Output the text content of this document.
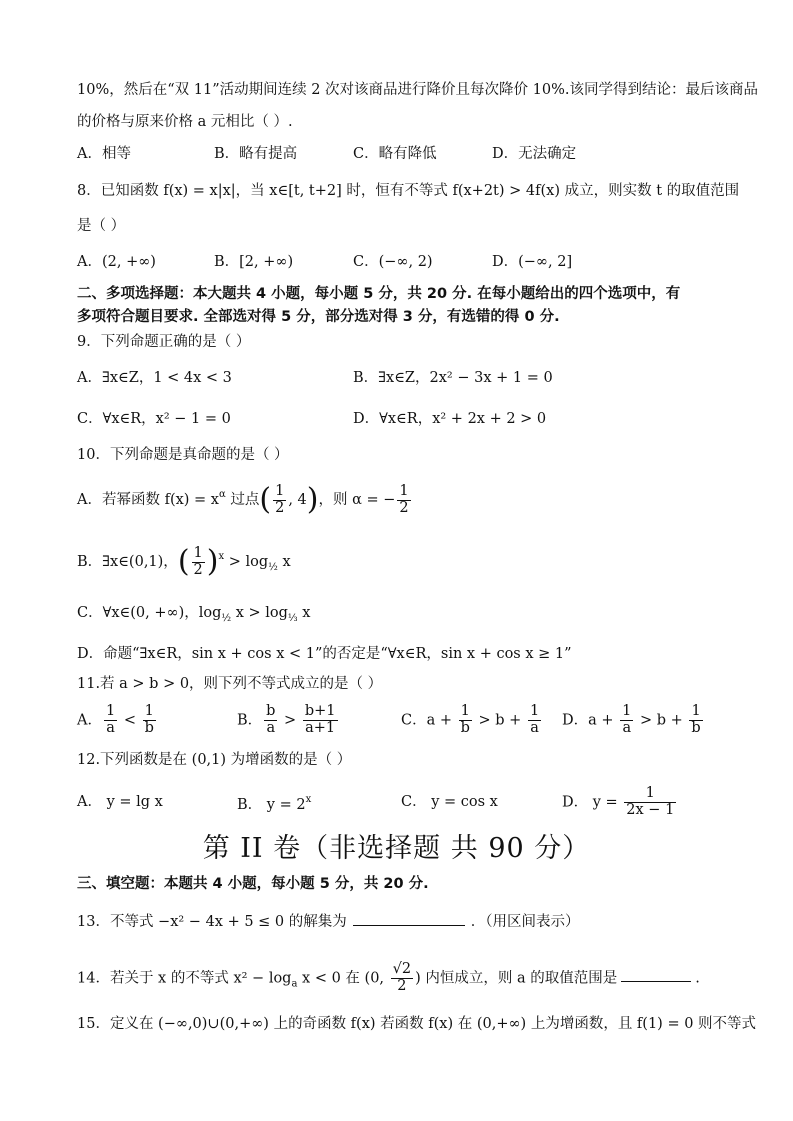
10%，然后在“双 11”活动期间连续 2 次对该商品进行降价且每次降价 10%.该同学得到结论：最后该商品
的价格与原来价格 a 元相比（ ）.
A．相等	B．略有提高	C．略有降低	D．无法确定
8．已知函数 f(x) = x|x|，当 x∈[t, t+2] 时，恒有不等式 f(x+2t) > 4f(x) 成立，则实数 t 的取值范围
是（ ）
A．(2, +∞)	B．[2, +∞)	C．(−∞, 2)	D．(−∞, 2]
二、多项选择题：本大题共 4 小题，每小题 5 分，共 20 分. 在每小题给出的四个选项中，有
多项符合题目要求. 全部选对得 5 分，部分选对得 3 分，有选错的得 0 分.
9．下列命题正确的是（ ）
A．∃x∈Z，1 < 4x < 3	B．∃x∈Z，2x² − 3x + 1 = 0
C．∀x∈R，x² − 1 = 0	D．∀x∈R，x² + 2x + 2 > 0
10．下列命题是真命题的是（ ）
A．若幂函数 $f(x) = x^\alpha$ 过点( $\frac{1}{2}$ , 4)，则 α = − $\frac{1}{2}$
B．∃x∈(0,1)，( $\frac{1}{2} )^x > \log_{\frac{1}{2}} x$
C．∀x∈(0, +∞)，$\log_{\frac{1}{2}} x > \log_{\frac{1}{3}} x$
D．命题“∃x∈R，sin x + cos x < 1”的否定是“∀x∈R，sin x + cos x ≥ 1”
11.若 a > b > 0，则下列不等式成立的是（ ）
A． $\frac{1}{a} < \frac{1}{b}$	B． $\frac{b}{a} > \frac{b+1}{a+1}$	C．$a + \frac{1}{b} > b + \frac{1}{a}$ D．$a + \frac{1}{a} > b + \frac{1}{b}$
12.下列函数是在 (0,1) 为增函数的是（ ）
A． y = lg x	B． $y = 2^x$	C． y = cos x	D． $y = \frac{1}{2x - 1}$
第 II 卷（非选择题 共 90 分）
三、填空题：本题共 4 小题，每小题 5 分，共 20 分.
13．不等式 −x² − 4x + 5 ≤ 0 的解集为	．（用区间表示）
14．若关于 x 的不等式 $x^2 - \log_a x < 0$ 在 (0, $\frac{√2}{2}$ ) 内恒成立，则 a 的取值范围是	.
15．定义在 (−∞,0)∪(0,+∞) 上的奇函数 f(x) 若函数 f(x) 在 (0,+∞) 上为增函数，且 f(1) = 0 则不等式
